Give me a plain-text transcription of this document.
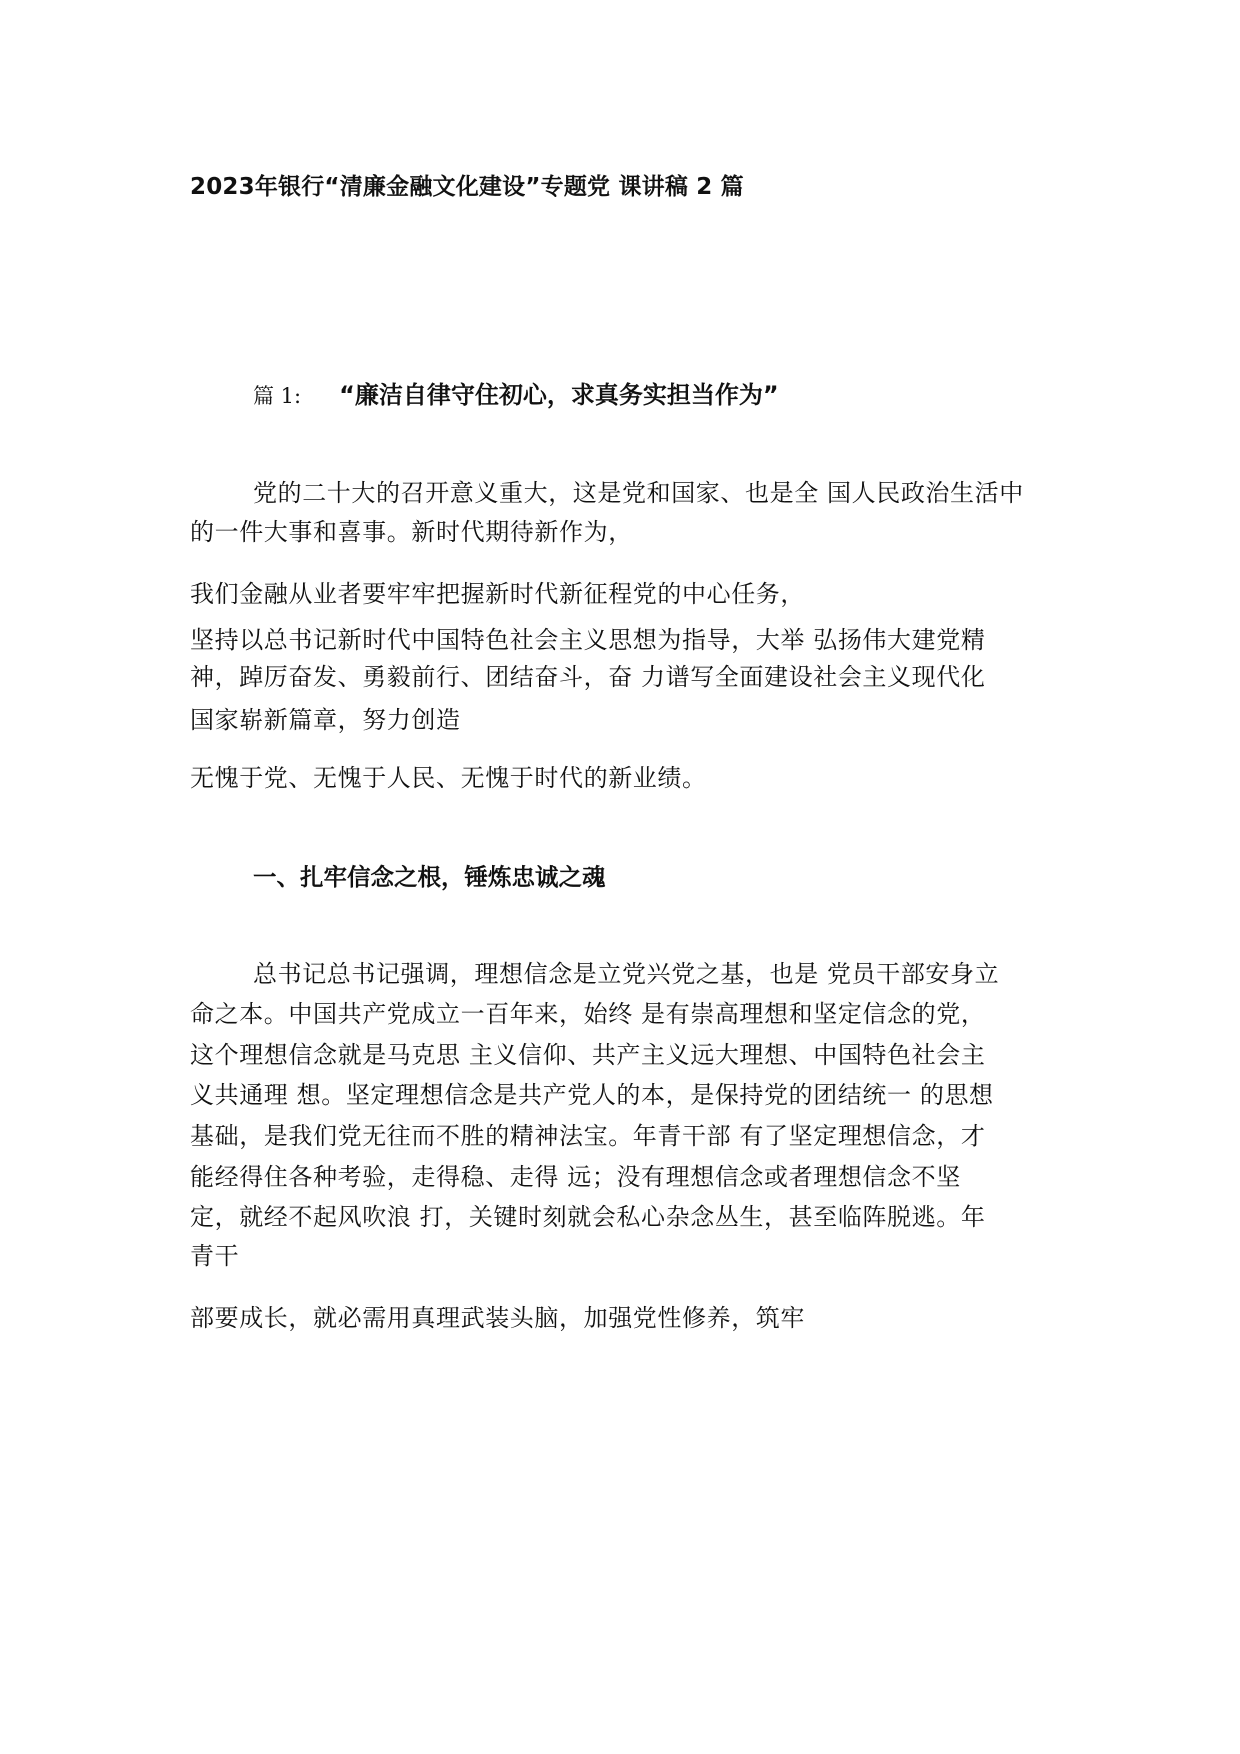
2023年银行“清廉金融文化建设”专题党 课讲稿 2 篇
篇 1: “廉洁自律守住初心，求真务实担当作为”

党的二十大的召开意义重大，这是党和国家、也是全 国人民政治生活中

的一件大事和喜事。新时代期待新作为，

我们金融从业者要牢牢把握新时代新征程党的中心任务，

坚持以总书记新时代中国特色社会主义思想为指导，大举 弘扬伟大建党精

神，踔厉奋发、勇毅前行、团结奋斗，奋 力谱写全面建设社会主义现代化

国家崭新篇章，努力创造

无愧于党、无愧于人民、无愧于时代的新业绩。

一、扎牢信念之根，锤炼忠诚之魂

总书记总书记强调，理想信念是立党兴党之基，也是 党员干部安身立

命之本。中国共产党成立一百年来，始终 是有崇高理想和坚定信念的党，

这个理想信念就是马克思 主义信仰、共产主义远大理想、中国特色社会主

义共通理 想。坚定理想信念是共产党人的本，是保持党的团结统一 的思想

基础，是我们党无往而不胜的精神法宝。年青干部 有了坚定理想信念，才

能经得住各种考验，走得稳、走得 远；没有理想信念或者理想信念不坚

定，就经不起风吹浪 打，关键时刻就会私心杂念丛生，甚至临阵脱逃。年

青干

部要成长，就必需用真理武装头脑，加强党性修养，筑牢
